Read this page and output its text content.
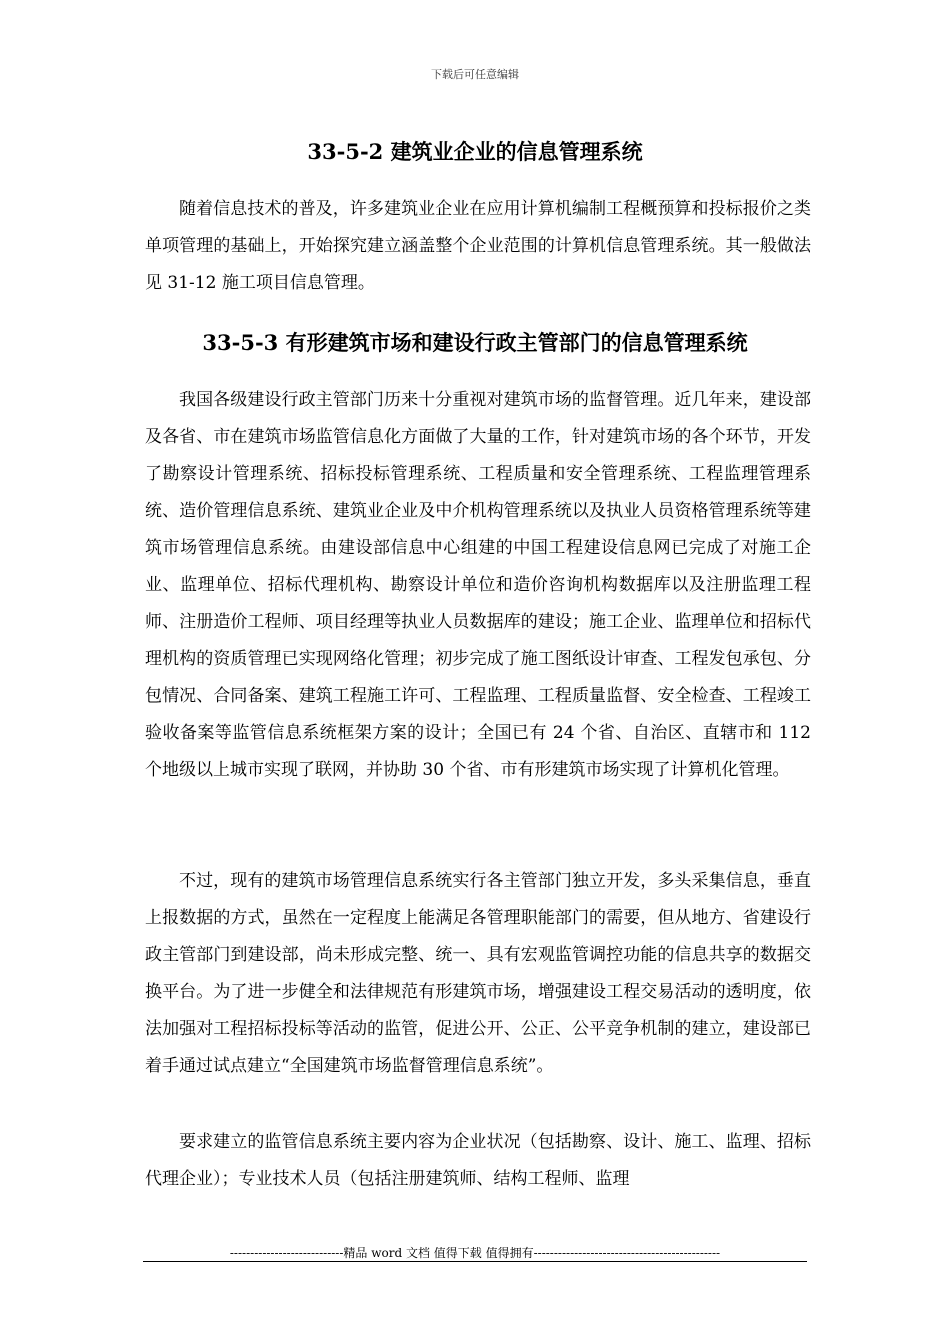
下载后可任意编辑
33-5-2 建筑业企业的信息管理系统

随着信息技术的普及，许多建筑业企业在应用计算机编制工程概预算和投标报价之类单项管理的基础上，开始探究建立涵盖整个企业范围的计算机信息管理系统。其一般做法见 31-12 施工项目信息管理。

33-5-3 有形建筑市场和建设行政主管部门的信息管理系统

我国各级建设行政主管部门历来十分重视对建筑市场的监督管理。近几年来，建设部及各省、市在建筑市场监管信息化方面做了大量的工作，针对建筑市场的各个环节，开发了勘察设计管理系统、招标投标管理系统、工程质量和安全管理系统、工程监理管理系统、造价管理信息系统、建筑业企业及中介机构管理系统以及执业人员资格管理系统等建筑市场管理信息系统。由建设部信息中心组建的中国工程建设信息网已完成了对施工企业、监理单位、招标代理机构、勘察设计单位和造价咨询机构数据库以及注册监理工程师、注册造价工程师、项目经理等执业人员数据库的建设；施工企业、监理单位和招标代理机构的资质管理已实现网络化管理；初步完成了施工图纸设计审查、工程发包承包、分包情况、合同备案、建筑工程施工许可、工程监理、工程质量监督、安全检查、工程竣工验收备案等监管信息系统框架方案的设计；全国已有 24 个省、自治区、直辖市和 112 个地级以上城市实现了联网，并协助 30 个省、市有形建筑市场实现了计算机化管理。

不过，现有的建筑市场管理信息系统实行各主管部门独立开发，多头采集信息，垂直上报数据的方式，虽然在一定程度上能满足各管理职能部门的需要，但从地方、省建设行政主管部门到建设部，尚未形成完整、统一、具有宏观监管调控功能的信息共享的数据交换平台。为了进一步健全和法律规范有形建筑市场，增强建设工程交易活动的透明度，依法加强对工程招标投标等活动的监管，促进公开、公正、公平竞争机制的建立，建设部已着手通过试点建立“全国建筑市场监督管理信息系统”。

要求建立的监管信息系统主要内容为企业状况（包括勘察、设计、施工、监理、招标代理企业）；专业技术人员（包括注册建筑师、结构工程师、监理

----------------------------精品 word 文档 值得下载 值得拥有----------------------------------------------
